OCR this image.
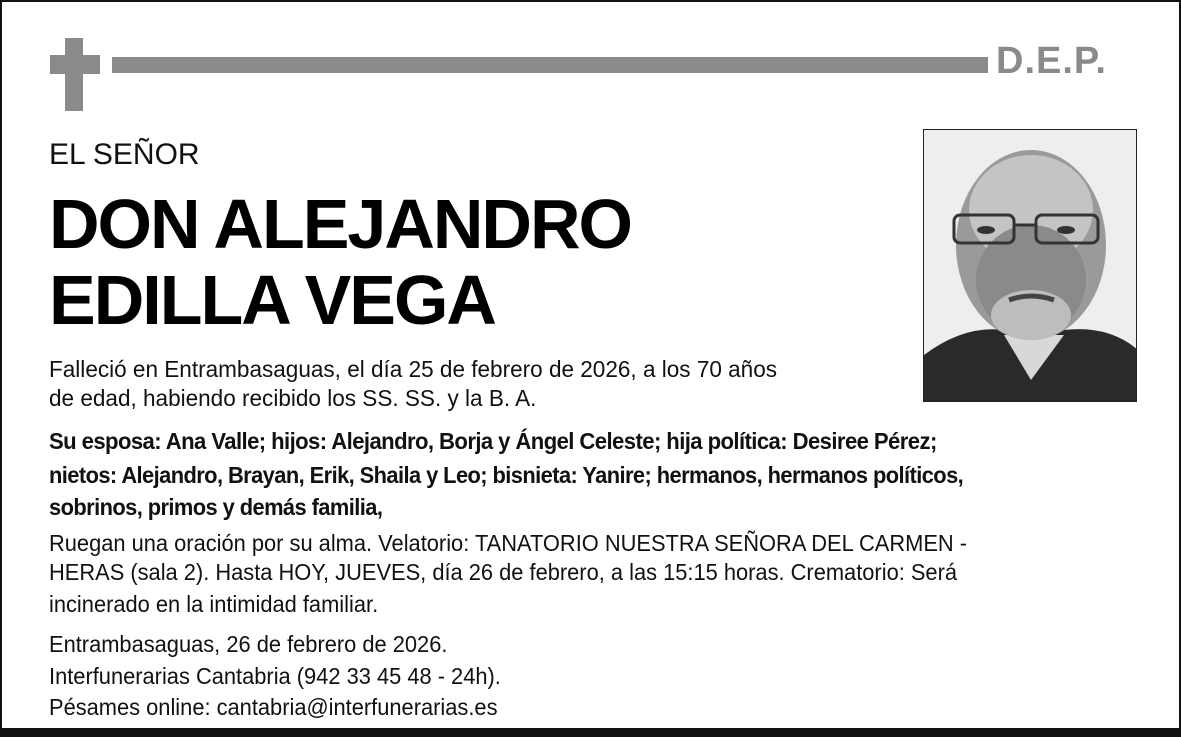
D.E.P.
EL SEÑOR
DON ALEJANDRO
EDILLA VEGA
Falleció en Entrambasaguas, el día 25 de febrero de 2026, a los 70 años
de edad, habiendo recibido los SS. SS. y la B. A.
Su esposa: Ana Valle; hijos: Alejandro, Borja y Ángel Celeste; hija política: Desiree Pérez;
nietos: Alejandro, Brayan, Erik, Shaila y Leo; bisnieta: Yanire; hermanos, hermanos políticos,
sobrinos, primos y demás familia,
Ruegan una oración por su alma. Velatorio: TANATORIO NUESTRA SEÑORA DEL CARMEN -
HERAS (sala 2). Hasta HOY, JUEVES, día 26 de febrero, a las 15:15 horas. Crematorio: Será
incinerado en la intimidad familiar.
Entrambasaguas, 26 de febrero de 2026.
Interfunerarias Cantabria (942 33 45 48 - 24h).
Pésames online: cantabria@interfunerarias.es
